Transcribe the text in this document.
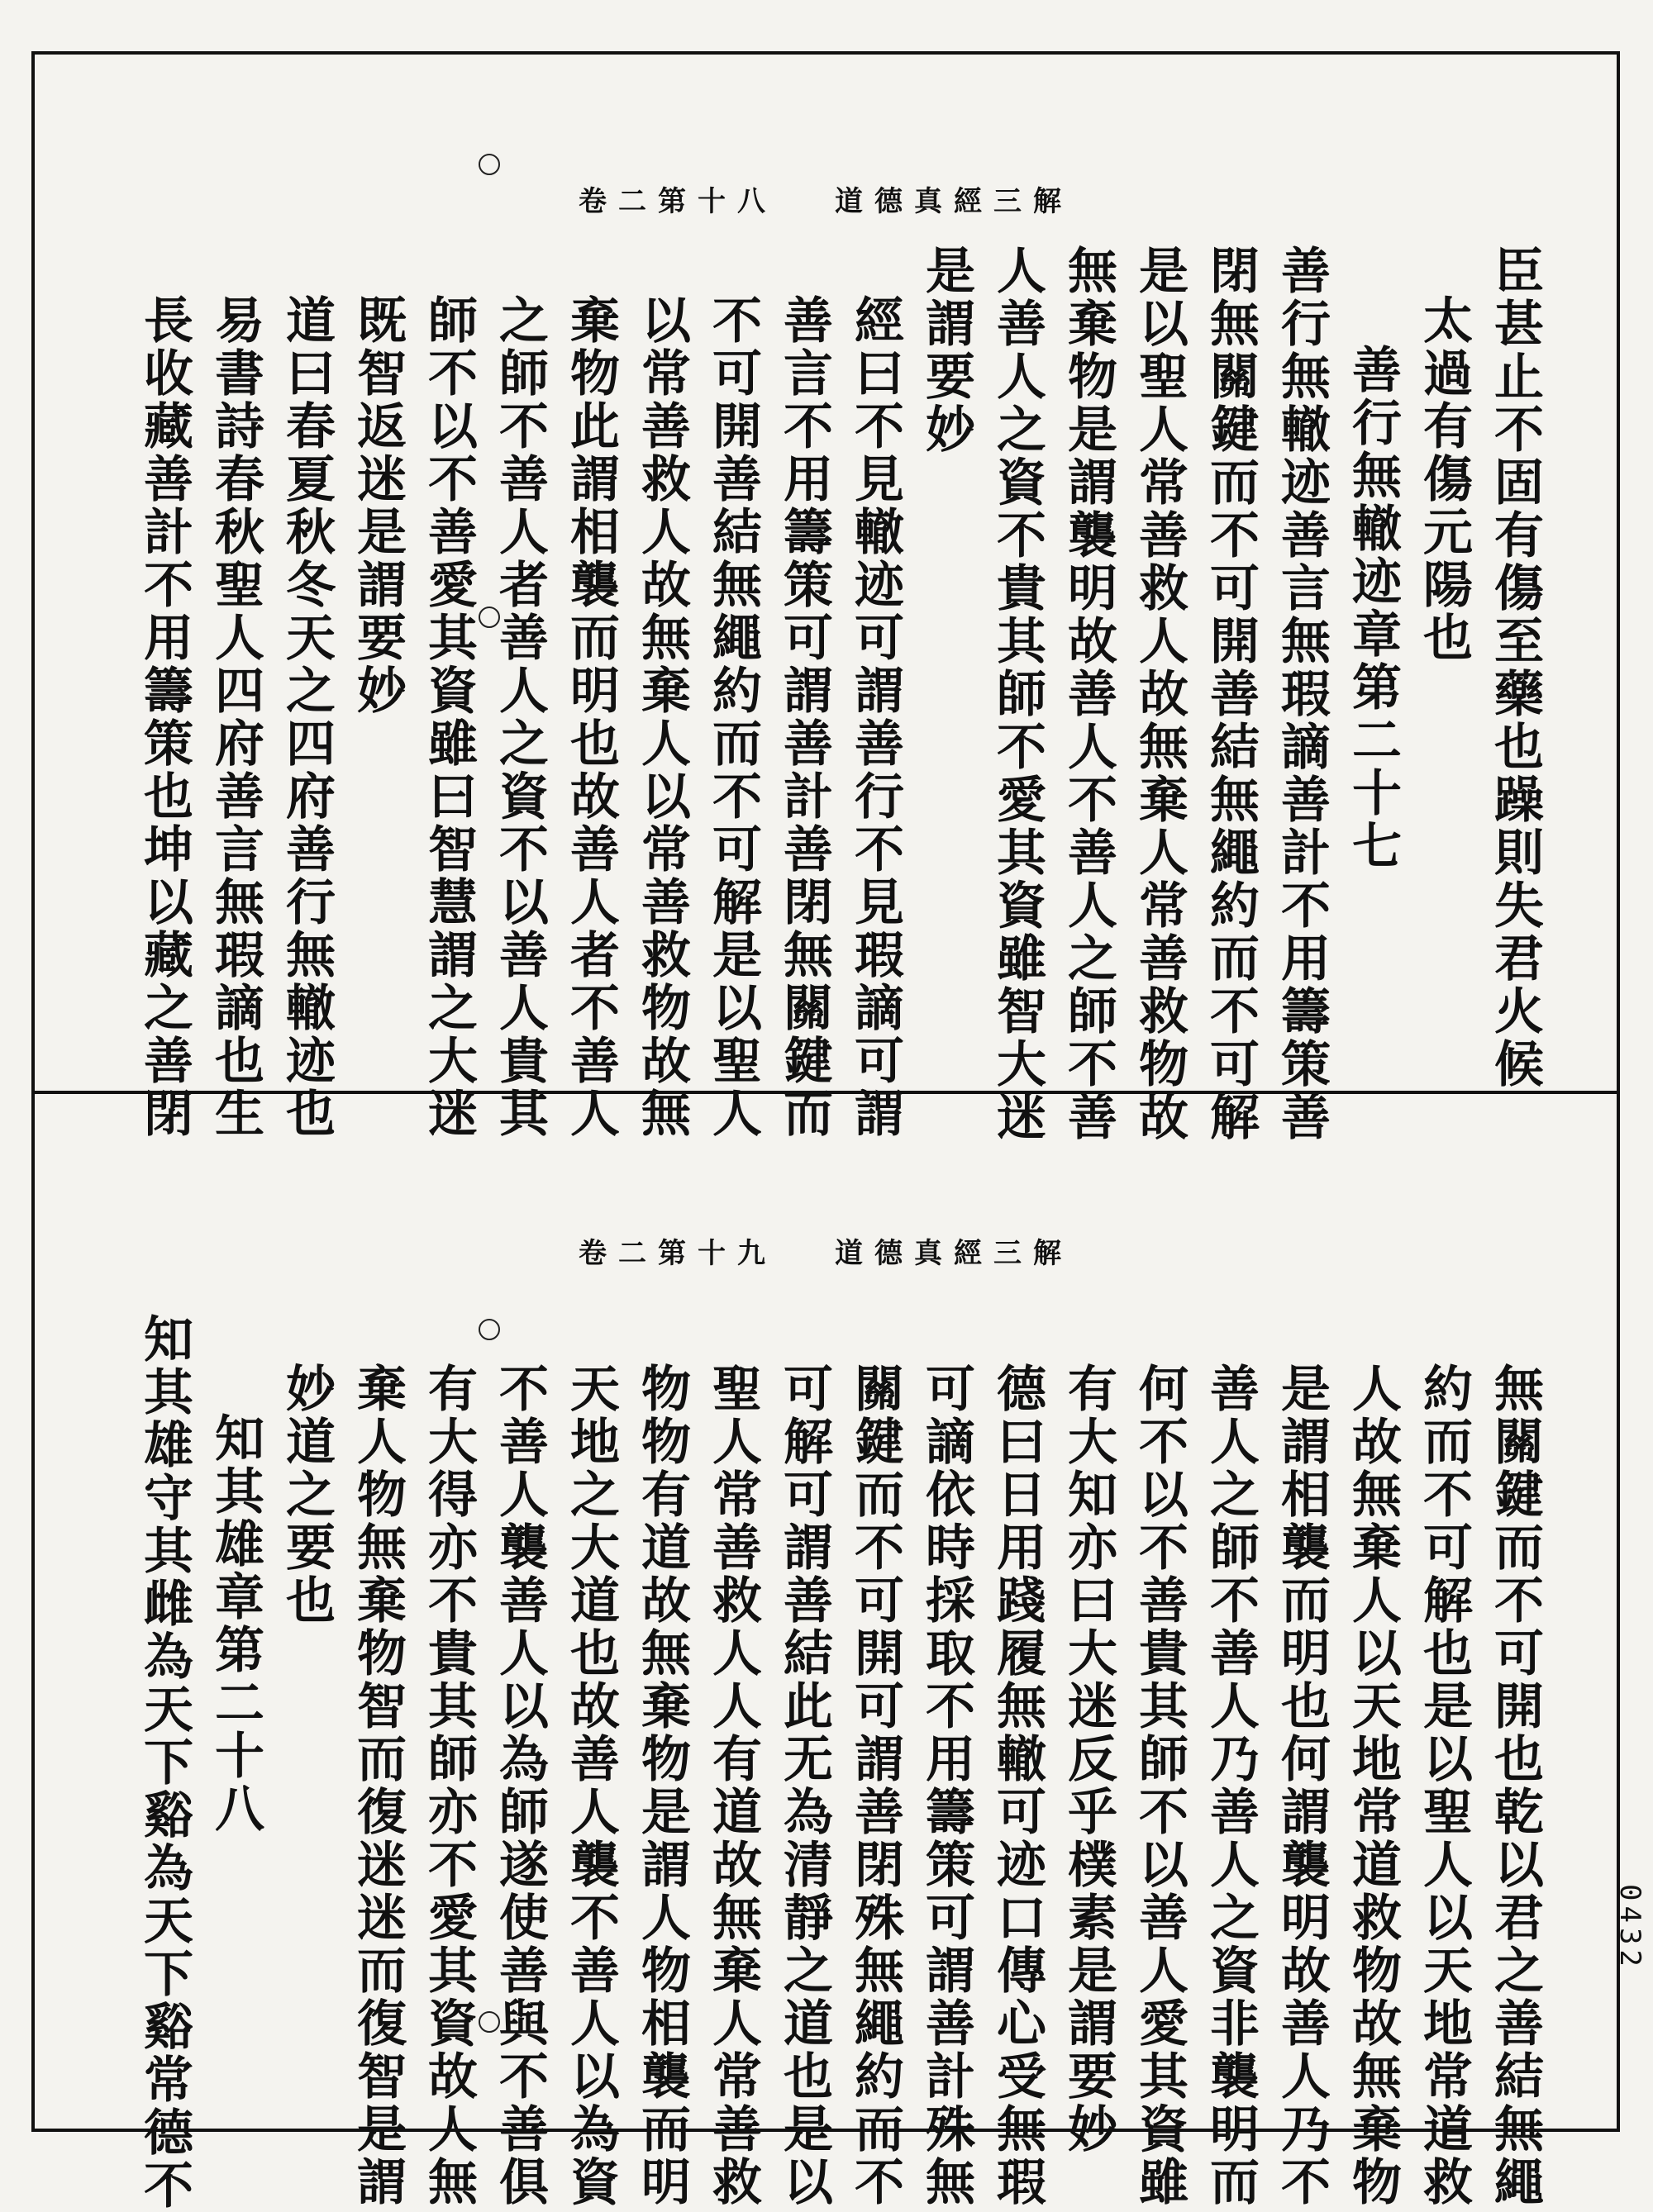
道德真經三解卷二第十八
臣甚止不固有傷至藥也躁則失君火候
太過有傷元陽也
善行無轍迹章第二十七
善行無轍迹善言無瑕謫善計不用籌策善
閉無關鍵而不可開善結無繩約而不可解
是以聖人常善救人故無棄人常善救物故
無棄物是謂襲明故善人不善人之師不善
人善人之資不貴其師不愛其資雖智大迷
是謂要妙
經曰不見轍迹可謂善行不見瑕謫可謂
善言不用籌策可謂善計善閉無關鍵而
不可開善結無繩約而不可解是以聖人
以常善救人故無棄人以常善救物故無
棄物此謂相襲而明也故善人者不善人
之師不善人者善人之資不以善人貴其
師不以不善愛其資雖曰智慧謂之大迷
既智返迷是謂要妙
道曰春夏秋冬天之四府善行無轍迹也
易書詩春秋聖人四府善言無瑕謫也生
長收藏善計不用籌策也坤以藏之善閉
道德真經三解卷二第十九
無關鍵而不可開也乾以君之善結無繩
約而不可解也是以聖人以天地常道救
人故無棄人以天地常道救物故無棄物
是謂相襲而明也何謂襲明故善人乃不
善人之師不善人乃善人之資非襲明而
何不以不善貴其師不以善人愛其資雖
有大知亦曰大迷反乎樸素是謂要妙
德曰日用踐履無轍可迹口傳心受無瑕
可謫依時採取不用籌策可謂善計殊無
關鍵而不可開可謂善閉殊無繩約而不
可解可謂善結此无為清靜之道也是以
聖人常善救人人有道故無棄人常善救
物物有道故無棄物是謂人物相襲而明
天地之大道也故善人襲不善人以為資
不善人襲善人以為師遂使善與不善俱
有大得亦不貴其師亦不愛其資故人無
棄人物無棄物智而復迷迷而復智是謂
妙道之要也
知其雄章第二十八
知其雄守其雌為天下谿為天下谿常德不	0432
